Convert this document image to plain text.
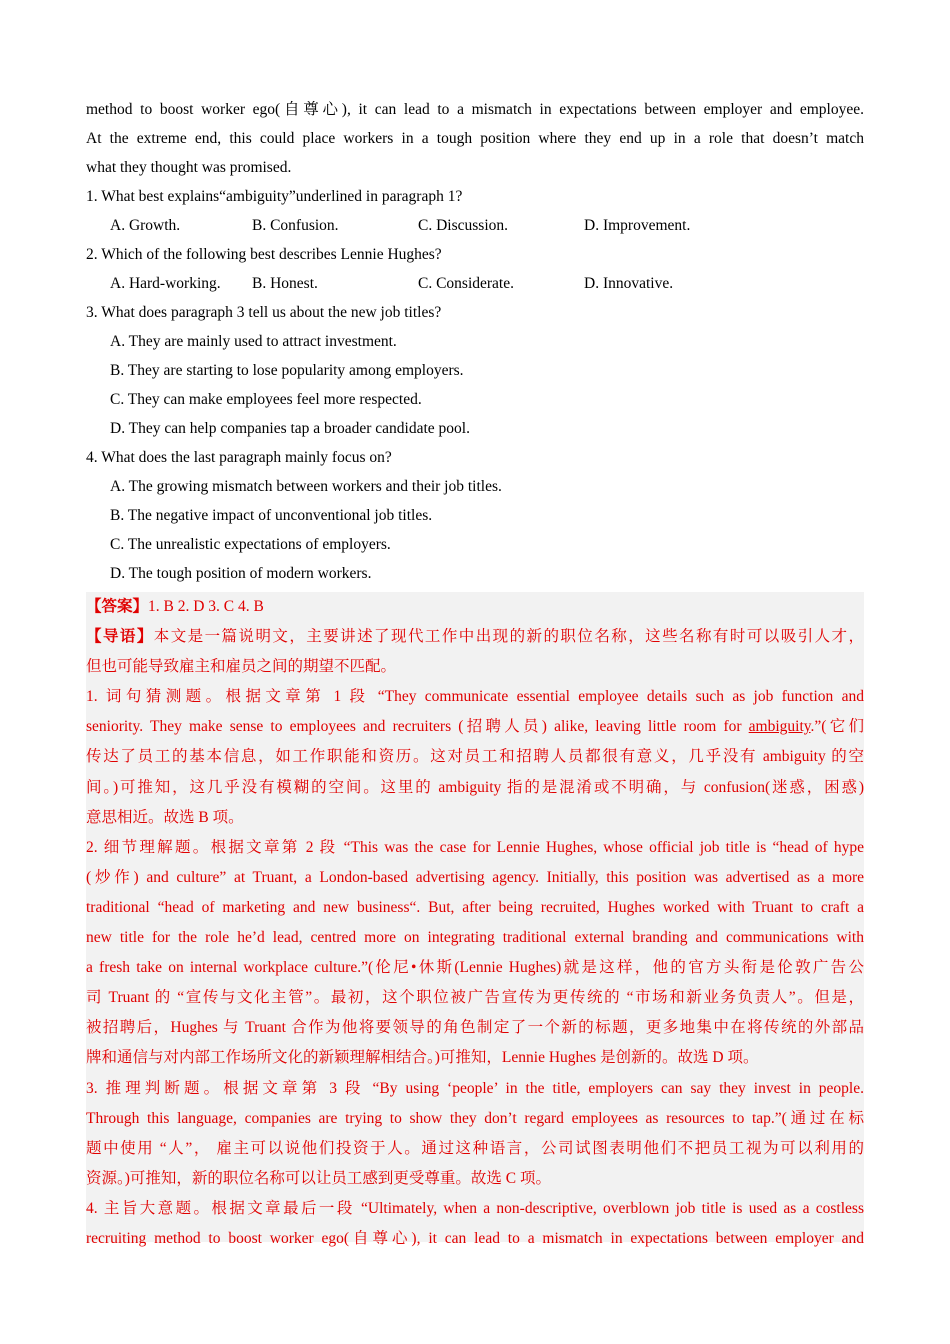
method to boost worker ego(自尊心), it can lead to a mismatch in expectations between employer and employee.
At the extreme end, this could place workers in a tough position where they end up in a role that doesn’t match
what they thought was promised.
1. What best explains“ambiguity”underlined in paragraph 1?
A. Growth.	B. Confusion.	C. Discussion.	D. Improvement.
2. Which of the following best describes Lennie Hughes?
A. Hard-working.	B. Honest.	C. Considerate.	D. Innovative.
3. What does paragraph 3 tell us about the new job titles?
A. They are mainly used to attract investment.
B. They are starting to lose popularity among employers.
C. They can make employees feel more respected.
D. They can help companies tap a broader candidate pool.
4. What does the last paragraph mainly focus on?
A. The growing mismatch between workers and their job titles.
B. The negative impact of unconventional job titles.
C. The unrealistic expectations of employers.
D. The tough position of modern workers.
【答案】1. B 2. D 3. C 4. B
【导语】本文是一篇说明文，主要讲述了现代工作中出现的新的职位名称，这些名称有时可以吸引人才，
但也可能导致雇主和雇员之间的期望不匹配。
1. 词句猜测题。根据文章第 1 段 “They communicate essential employee details such as job function and
seniority. They make sense to employees and recruiters (招聘人员) alike, leaving little room for ambiguity.”(它们
传达了员工的基本信息，如工作职能和资历。这对员工和招聘人员都很有意义，几乎没有 ambiguity 的空
间。)可推知，这几乎没有模糊的空间。这里的 ambiguity 指的是混淆或不明确，与 confusion(迷惑，困惑)
意思相近。故选 B 项。
2. 细节理解题。根据文章第 2 段 “This was the case for Lennie Hughes, whose official job title is “head of hype
(炒作) and culture” at Truant, a London-based advertising agency. Initially, this position was advertised as a more
traditional “head of marketing and new business“. But, after being recruited, Hughes worked with Truant to craft a
new title for the role he’d lead, centred more on integrating traditional external branding and communications with
a fresh take on internal workplace culture.”(伦尼•休斯(Lennie Hughes)就是这样，他的官方头衔是伦敦广告公
司 Truant 的 “宣传与文化主管”。最初，这个职位被广告宣传为更传统的 “市场和新业务负责人”。但是，
被招聘后，Hughes 与 Truant 合作为他将要领导的角色制定了一个新的标题，更多地集中在将传统的外部品
牌和通信与对内部工作场所文化的新颖理解相结合。)可推知，Lennie Hughes 是创新的。故选 D 项。
3. 推理判断题。根据文章第 3 段 “By using ‘people’ in the title, employers can say they invest in people.
Through this language, companies are trying to show they don’t regard employees as resources to tap.”(通过在标
题中使用 “人”， 雇主可以说他们投资于人。通过这种语言，公司试图表明他们不把员工视为可以利用的
资源。)可推知，新的职位名称可以让员工感到更受尊重。故选 C 项。
4. 主旨大意题。根据文章最后一段 “Ultimately, when a non-descriptive, overblown job title is used as a costless
recruiting method to boost worker ego(自尊心), it can lead to a mismatch in expectations between employer and
